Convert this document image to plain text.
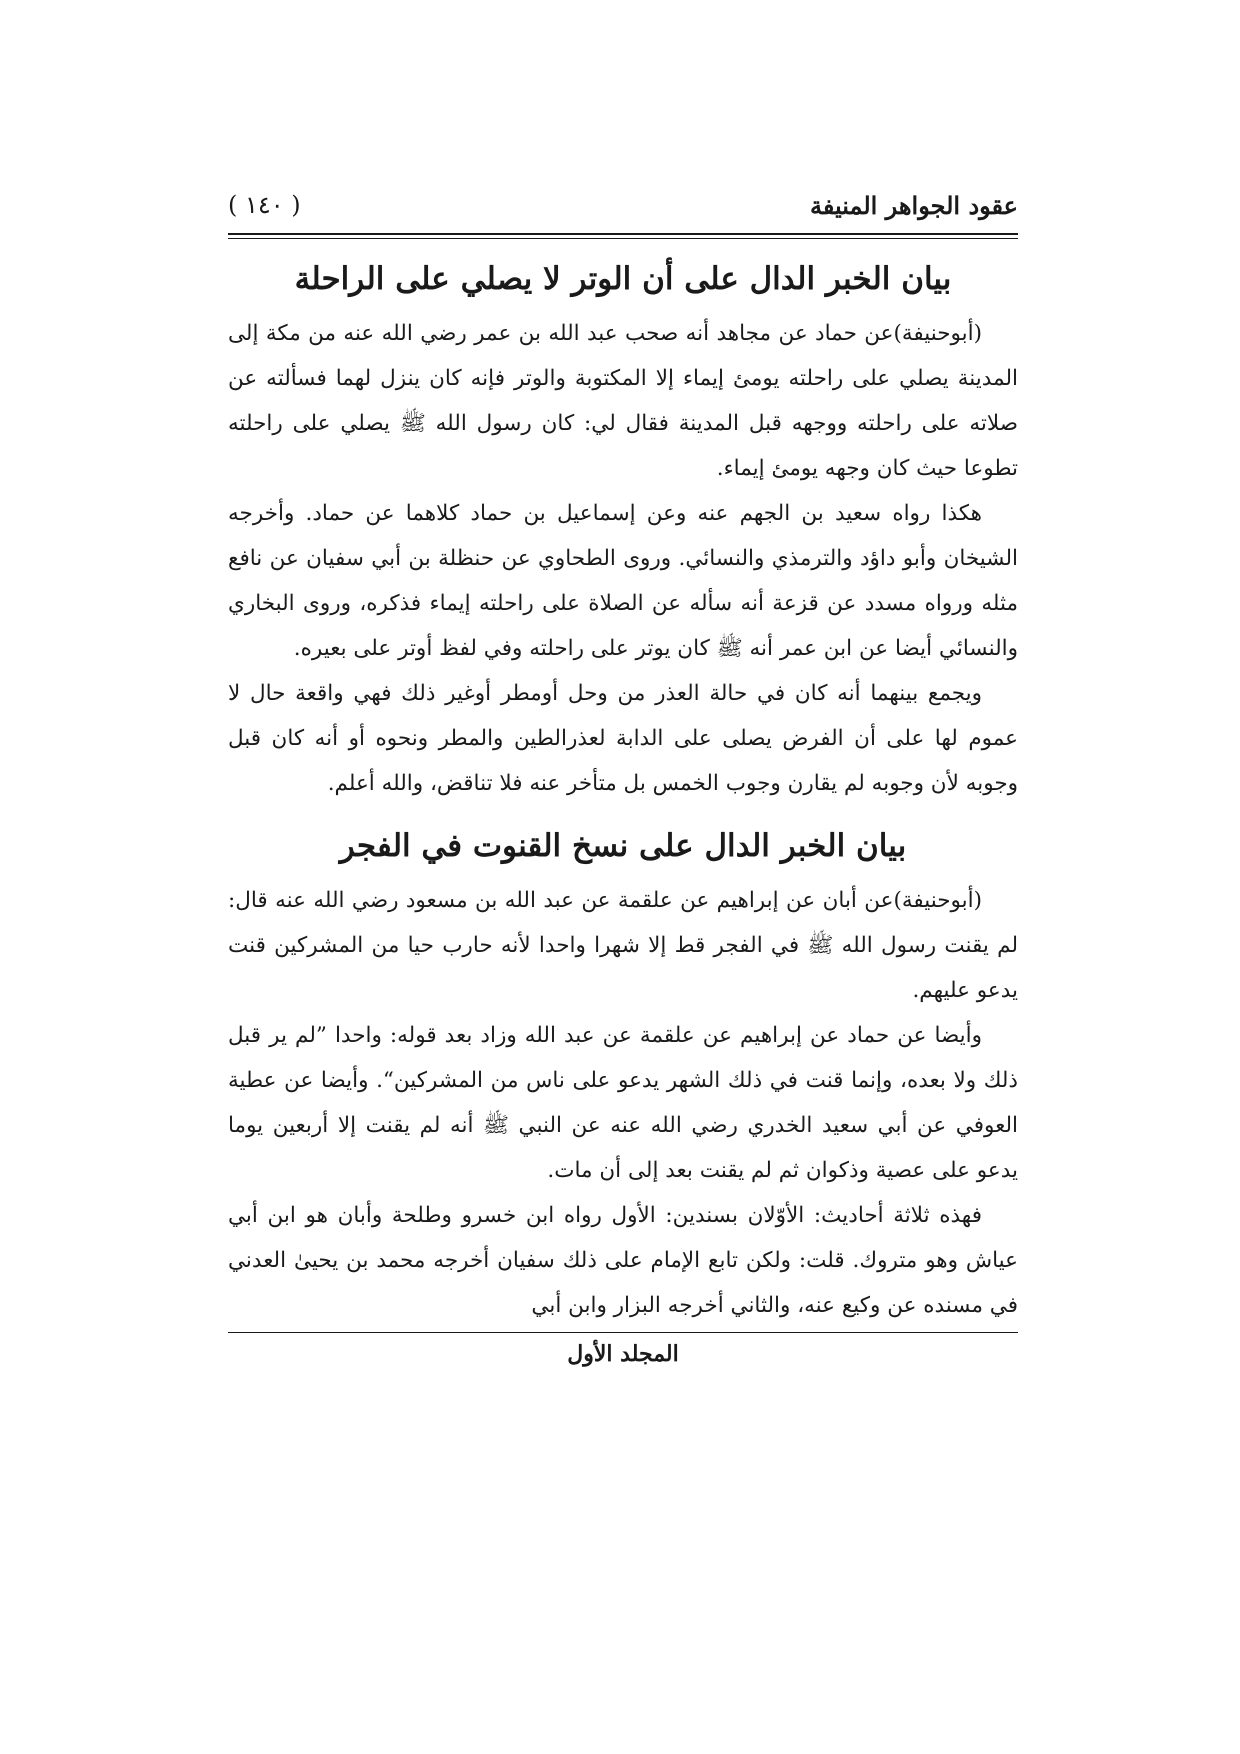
عقود الجواهر المنيفة
( ١٤٠ )
بيان الخبر الدال على أن الوتر لا يصلي على الراحلة

(أبوحنيفة)عن حماد عن مجاهد أنه صحب عبد الله بن عمر رضي الله عنه من مكة إلى المدينة يصلي على راحلته يومئ إيماء إلا المكتوبة والوتر فإنه كان ينزل لهما فسألته عن صلاته على راحلته ووجهه قبل المدينة فقال لي: كان رسول الله ﷺ يصلي على راحلته تطوعا حيث كان وجهه يومئ إيماء.

هكذا رواه سعيد بن الجهم عنه وعن إسماعيل بن حماد كلاهما عن حماد. وأخرجه الشيخان وأبو داؤد والترمذي والنسائي. وروى الطحاوي عن حنظلة بن أبي سفيان عن نافع مثله ورواه مسدد عن قزعة أنه سأله عن الصلاة على راحلته إيماء فذكره، وروى البخاري والنسائي أيضا عن ابن عمر أنه ﷺ كان يوتر على راحلته وفي لفظ أوتر على بعيره.

ويجمع بينهما أنه كان في حالة العذر من وحل أومطر أوغير ذلك فهي واقعة حال لا عموم لها على أن الفرض يصلى على الدابة لعذرالطين والمطر ونحوه أو أنه كان قبل وجوبه لأن وجوبه لم يقارن وجوب الخمس بل متأخر عنه فلا تناقض، والله أعلم.

بيان الخبر الدال على نسخ القنوت في الفجر

(أبوحنيفة)عن أبان عن إبراهيم عن علقمة عن عبد الله بن مسعود رضي الله عنه قال: لم يقنت رسول الله ﷺ في الفجر قط إلا شهرا واحدا لأنه حارب حيا من المشركين قنت يدعو عليهم.

وأيضا عن حماد عن إبراهيم عن علقمة عن عبد الله وزاد بعد قوله: واحدا ”لم ير قبل ذلك ولا بعده، وإنما قنت في ذلك الشهر يدعو على ناس من المشركين“. وأيضا عن عطية العوفي عن أبي سعيد الخدري رضي الله عنه عن النبي ﷺ أنه لم يقنت إلا أربعين يوما يدعو على عصية وذكوان ثم لم يقنت بعد إلى أن مات.

فهذه ثلاثة أحاديث: الأوّلان بسندين: الأول رواه ابن خسرو وطلحة وأبان هو ابن أبي عياش وهو متروك. قلت: ولكن تابع الإمام على ذلك سفيان أخرجه محمد بن يحيىٰ العدني في مسنده عن وكيع عنه، والثاني أخرجه البزار وابن أبي

المجلد الأول
